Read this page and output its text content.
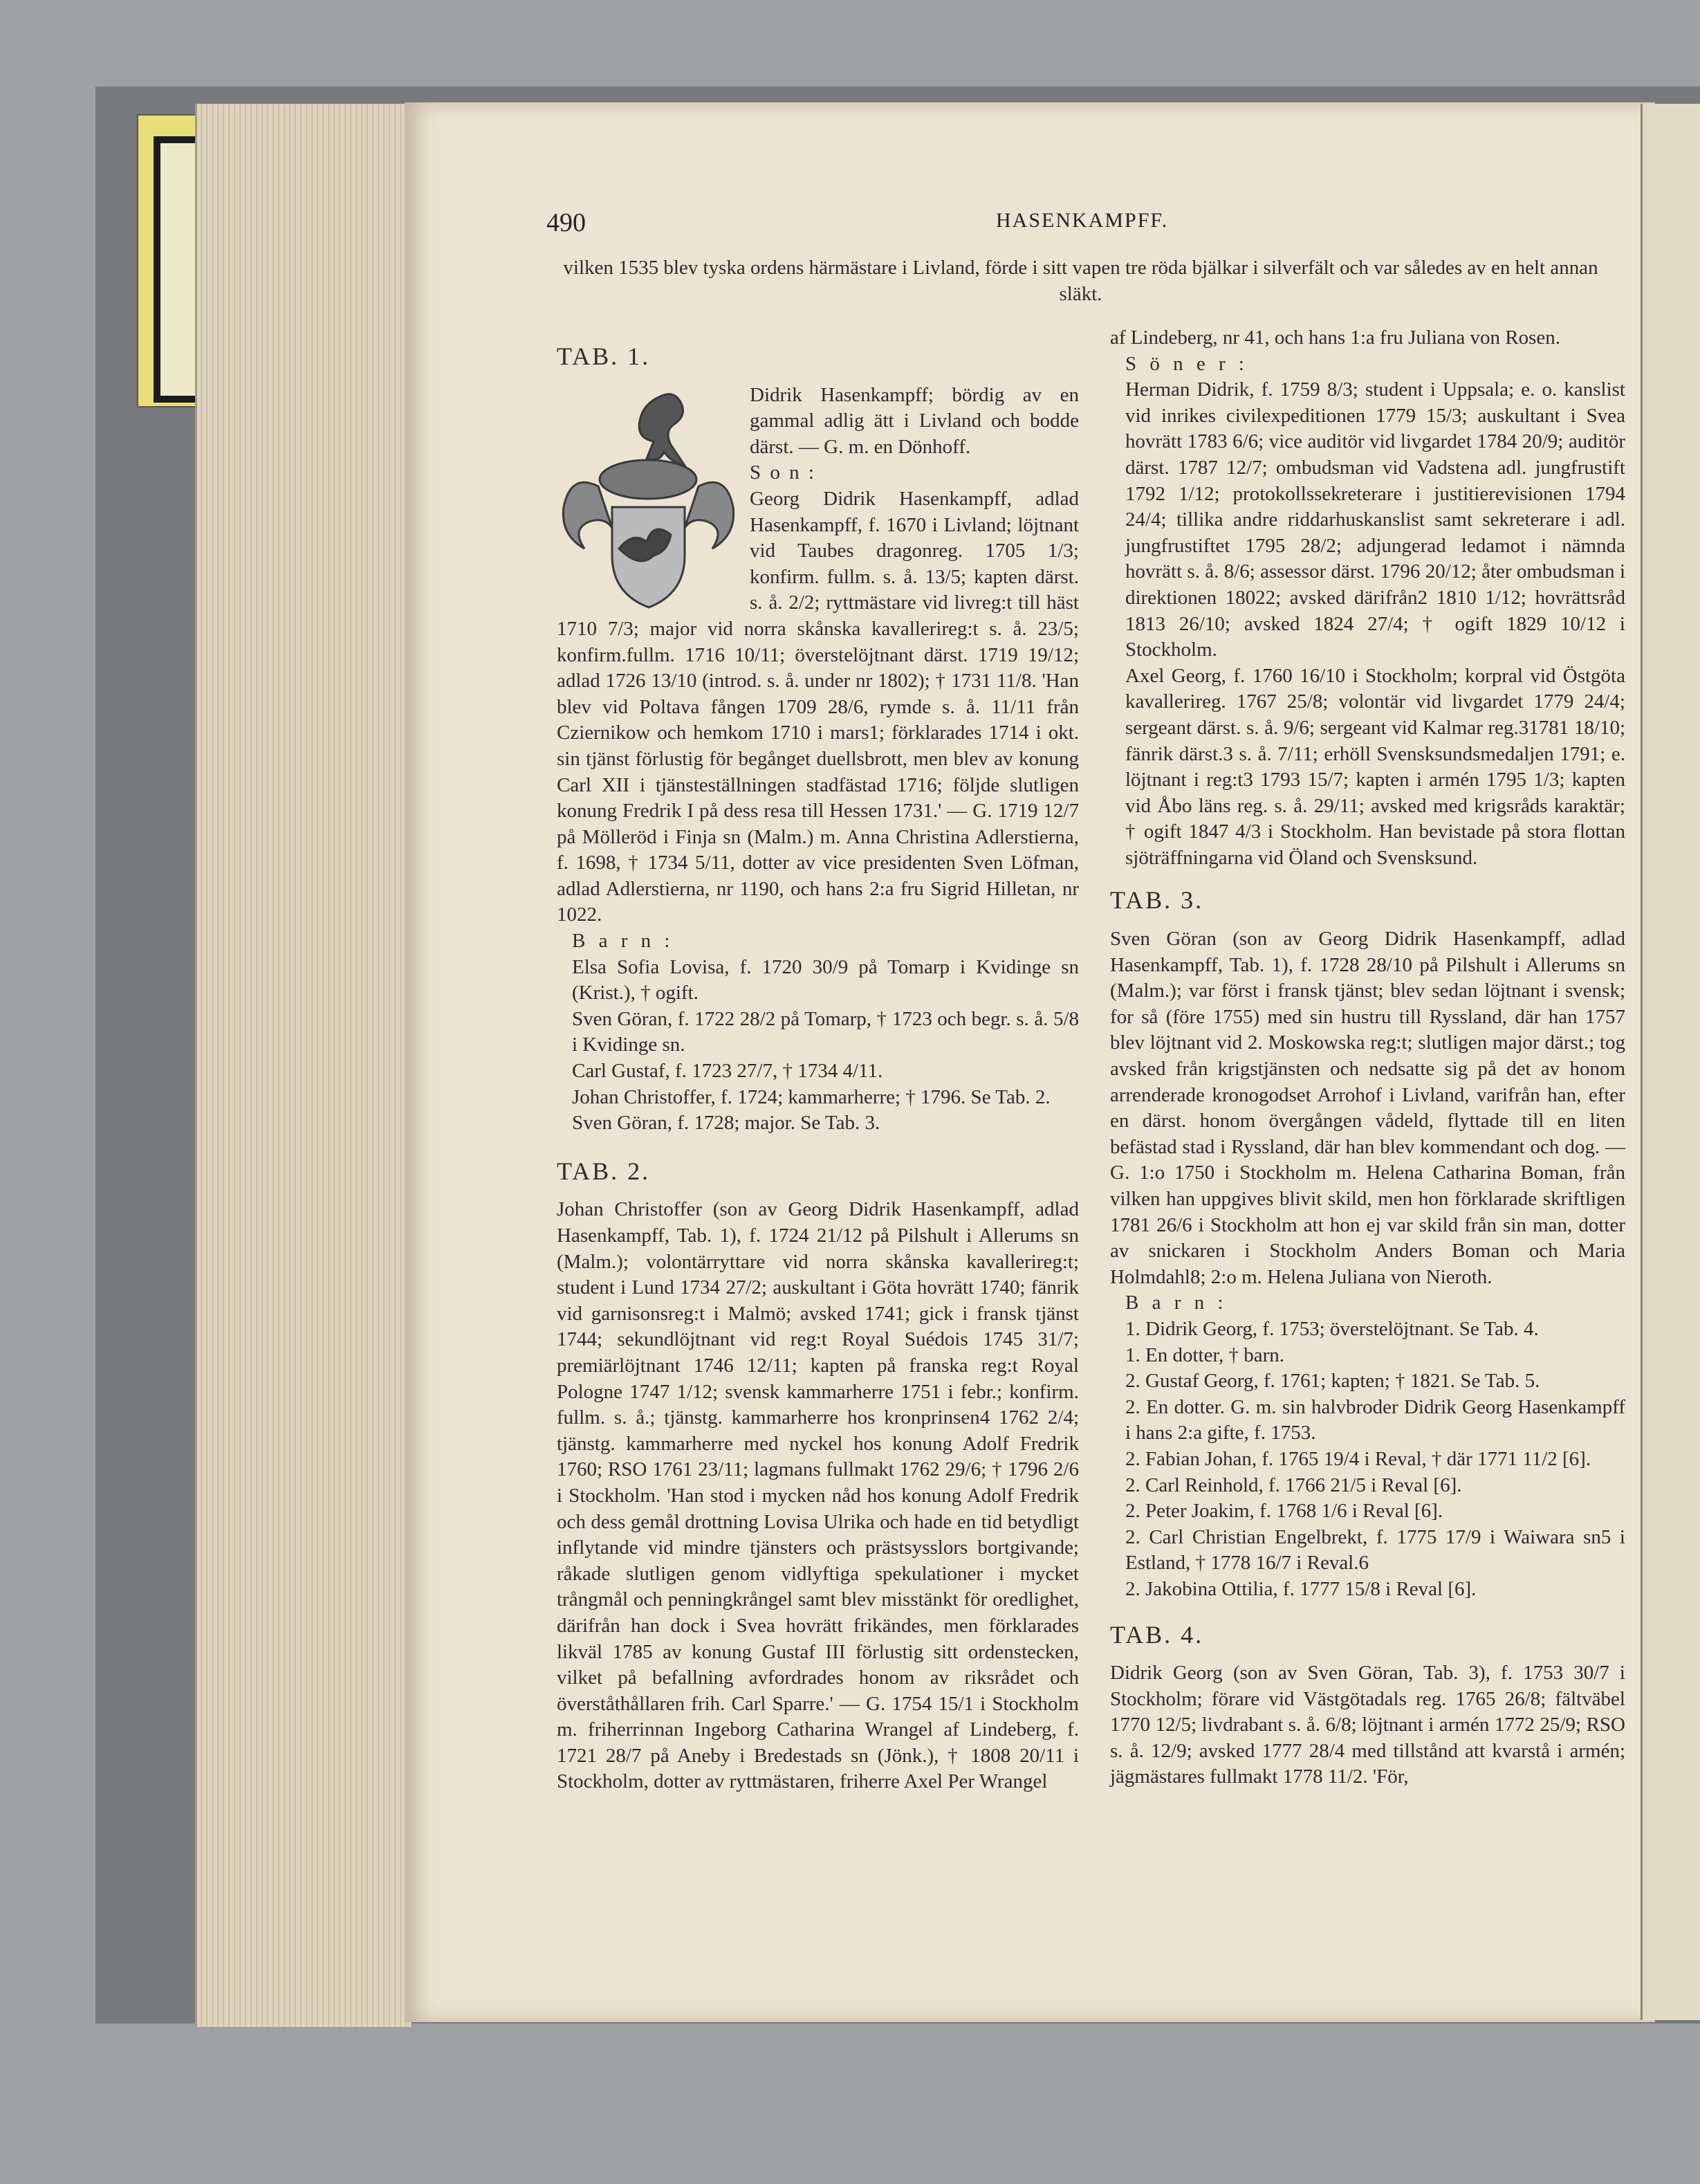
490	HASENKAMPFF.
vilken 1535 blev tyska ordens härmästare i Livland, förde i sitt vapen tre röda bjälkar i silverfält och var således av en helt annan släkt.

TAB. 1.

Didrik Hasenkampff; bördig av en gammal adlig ätt i Livland och bodde därst. — G. m. en Dönhoff.

S o n :

Georg Didrik Hasenkampff, adlad Hasenkampff, f. 1670 i Livland; löjtnant vid Taubes dragonreg. 1705 1/3; konfirm. fullm. s. å. 13/5; kapten därst. s. å. 2/2; ryttmästare vid livreg:t till häst 1710 7/3; major vid norra skånska kavallerireg:t s. å. 23/5; konfirm.fullm. 1716 10/11; överstelöjtnant därst. 1719 19/12; adlad 1726 13/10 (introd. s. å. under nr 1802); † 1731 11/8. 'Han blev vid Poltava fången 1709 28/6, rymde s. å. 11/11 från Cziernikow och hemkom 1710 i mars1; förklarades 1714 i okt. sin tjänst förlustig för begånget duellsbrott, men blev av konung Carl XII i tjänsteställningen stadfästad 1716; följde slutligen konung Fredrik I på dess resa till Hessen 1731.' — G. 1719 12/7 på Mölleröd i Finja sn (Malm.) m. Anna Christina Adlerstierna, f. 1698, † 1734 5/11, dotter av vice presidenten Sven Löfman, adlad Adlerstierna, nr 1190, och hans 2:a fru Sigrid Hilletan, nr 1022.

B a r n :

Elsa Sofia Lovisa, f. 1720 30/9 på Tomarp i Kvidinge sn (Krist.), † ogift.

Sven Göran, f. 1722 28/2 på Tomarp, † 1723 och begr. s. å. 5/8 i Kvidinge sn.

Carl Gustaf, f. 1723 27/7, † 1734 4/11.

Johan Christoffer, f. 1724; kammarherre; † 1796. Se Tab. 2.

Sven Göran, f. 1728; major. Se Tab. 3.

TAB. 2.

Johan Christoffer (son av Georg Didrik Hasenkampff, adlad Hasenkampff, Tab. 1), f. 1724 21/12 på Pilshult i Allerums sn (Malm.); volontärryttare vid norra skånska kavallerireg:t; student i Lund 1734 27/2; auskultant i Göta hovrätt 1740; fänrik vid garnisonsreg:t i Malmö; avsked 1741; gick i fransk tjänst 1744; sekundlöjtnant vid reg:t Royal Suédois 1745 31/7; premiärlöjtnant 1746 12/11; kapten på franska reg:t Royal Pologne 1747 1/12; svensk kammarherre 1751 i febr.; konfirm. fullm. s. å.; tjänstg. kammarherre hos kronprinsen4 1762 2/4; tjänstg. kammarherre med nyckel hos konung Adolf Fredrik 1760; RSO 1761 23/11; lagmans fullmakt 1762 29/6; † 1796 2/6 i Stockholm. 'Han stod i mycken nåd hos konung Adolf Fredrik och dess gemål drottning Lovisa Ulrika och hade en tid betydligt inflytande vid mindre tjänsters och prästsysslors bortgivande; råkade slutligen genom vidlyftiga spekulationer i mycket trångmål och penningkrångel samt blev misstänkt för oredlighet, därifrån han dock i Svea hovrätt frikändes, men förklarades likväl 1785 av konung Gustaf III förlustig sitt ordenstecken, vilket på befallning avfordrades honom av riksrådet och överståthållaren frih. Carl Sparre.' — G. 1754 15/1 i Stockholm m. friherrinnan Ingeborg Catharina Wrangel af Lindeberg, f. 1721 28/7 på Aneby i Bredestads sn (Jönk.), † 1808 20/11 i Stockholm, dotter av ryttmästaren, friherre Axel Per Wrangel

af Lindeberg, nr 41, och hans 1:a fru Juliana von Rosen.

S ö n e r :

Herman Didrik, f. 1759 8/3; student i Uppsala; e. o. kanslist vid inrikes civilexpeditionen 1779 15/3; auskultant i Svea hovrätt 1783 6/6; vice auditör vid livgardet 1784 20/9; auditör därst. 1787 12/7; ombudsman vid Vadstena adl. jungfrustift 1792 1/12; protokollssekreterare i justitierevisionen 1794 24/4; tillika andre riddarhuskanslist samt sekreterare i adl. jungfrustiftet 1795 28/2; adjungerad ledamot i nämnda hovrätt s. å. 8/6; assessor därst. 1796 20/12; åter ombudsman i direktionen 18022; avsked därifrån2 1810 1/12; hovrättsråd 1813 26/10; avsked 1824 27/4; † ogift 1829 10/12 i Stockholm.

Axel Georg, f. 1760 16/10 i Stockholm; korpral vid Östgöta kavallerireg. 1767 25/8; volontär vid livgardet 1779 24/4; sergeant därst. s. å. 9/6; sergeant vid Kalmar reg.31781 18/10; fänrik därst.3 s. å. 7/11; erhöll Svensksundsmedaljen 1791; e. löjtnant i reg:t3 1793 15/7; kapten i armén 1795 1/3; kapten vid Åbo läns reg. s. å. 29/11; avsked med krigsråds karaktär; † ogift 1847 4/3 i Stockholm. Han bevistade på stora flottan sjöträffningarna vid Öland och Svensksund.

TAB. 3.

Sven Göran (son av Georg Didrik Hasenkampff, adlad Hasenkampff, Tab. 1), f. 1728 28/10 på Pilshult i Allerums sn (Malm.); var först i fransk tjänst; blev sedan löjtnant i svensk; for så (före 1755) med sin hustru till Ryssland, där han 1757 blev löjtnant vid 2. Moskowska reg:t; slutligen major därst.; tog avsked från krigstjänsten och nedsatte sig på det av honom arrenderade kronogodset Arrohof i Livland, varifrån han, efter en därst. honom övergången vådeld, flyttade till en liten befästad stad i Ryssland, där han blev kommendant och dog. — G. 1:o 1750 i Stockholm m. Helena Catharina Boman, från vilken han uppgives blivit skild, men hon förklarade skriftligen 1781 26/6 i Stockholm att hon ej var skild från sin man, dotter av snickaren i Stockholm Anders Boman och Maria Holmdahl8; 2:o m. Helena Juliana von Nieroth.

B a r n :

1. Didrik Georg, f. 1753; överstelöjtnant. Se Tab. 4.

1. En dotter, † barn.

2. Gustaf Georg, f. 1761; kapten; † 1821. Se Tab. 5.

2. En dotter. G. m. sin halvbroder Didrik Georg Hasenkampff i hans 2:a gifte, f. 1753.

2. Fabian Johan, f. 1765 19/4 i Reval, † där 1771 11/2 [6].

2. Carl Reinhold, f. 1766 21/5 i Reval [6].

2. Peter Joakim, f. 1768 1/6 i Reval [6].

2. Carl Christian Engelbrekt, f. 1775 17/9 i Waiwara sn5 i Estland, † 1778 16/7 i Reval.6

2. Jakobina Ottilia, f. 1777 15/8 i Reval [6].

TAB. 4.

Didrik Georg (son av Sven Göran, Tab. 3), f. 1753 30/7 i Stockholm; förare vid Västgötadals reg. 1765 26/8; fältväbel 1770 12/5; livdrabant s. å. 6/8; löjtnant i armén 1772 25/9; RSO s. å. 12/9; avsked 1777 28/4 med tillstånd att kvarstå i armén; jägmästares fullmakt 1778 11/2. 'För,
